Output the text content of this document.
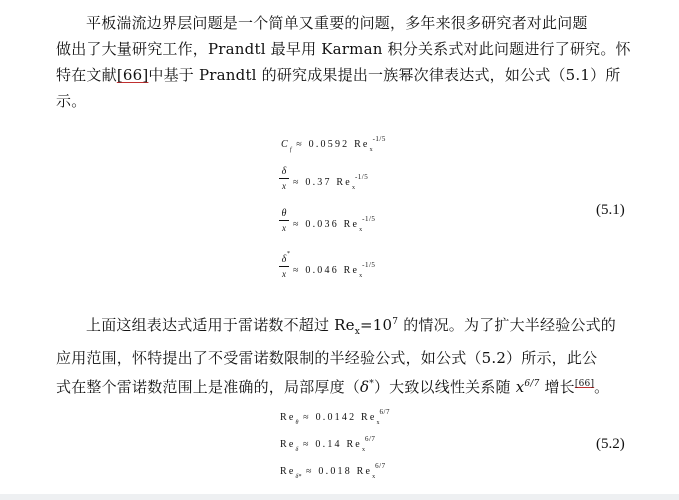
平板湍流边界层问题是一个简单又重要的问题，多年来很多研究者对此问题
做出了大量研究工作，Prandtl 最早用 Karman 积分关系式对此问题进行了研究。怀
特在文献[66]中基于 Prandtl 的研究成果提出一族幂次律表达式，如公式（5.1）所
示。
$C_f \approx 0.0592$ $Re_x^{-1/5}$
δ
x ≈ 0.37 $Re_x^{-1/5}$
θ
x ≈ 0.036 $Re_x^{-1/5}$
δ *
x ≈ 0.046 $Re_x^{-1/5}$
(5.1)
上面这组表达式适用于雷诺数不超过 $Re_x=10^7$ 的情况。为了扩大半经验公式的
应用范围，怀特提出了不受雷诺数限制的半经验公式，如公式（5.2）所示，此公
式在整个雷诺数范围上是准确的，局部厚度（δ*）大致以线性关系随 $x^{6/7}$ 增长[66]。
$Re_\theta \approx 0.0142$ $Re_x^{6/7}$
$Re_\delta \approx 0.14$ $Re_x^{6/7}$
$Re_{\delta*} \approx 0.018$ $Re_x^{6/7}$
(5.2)
